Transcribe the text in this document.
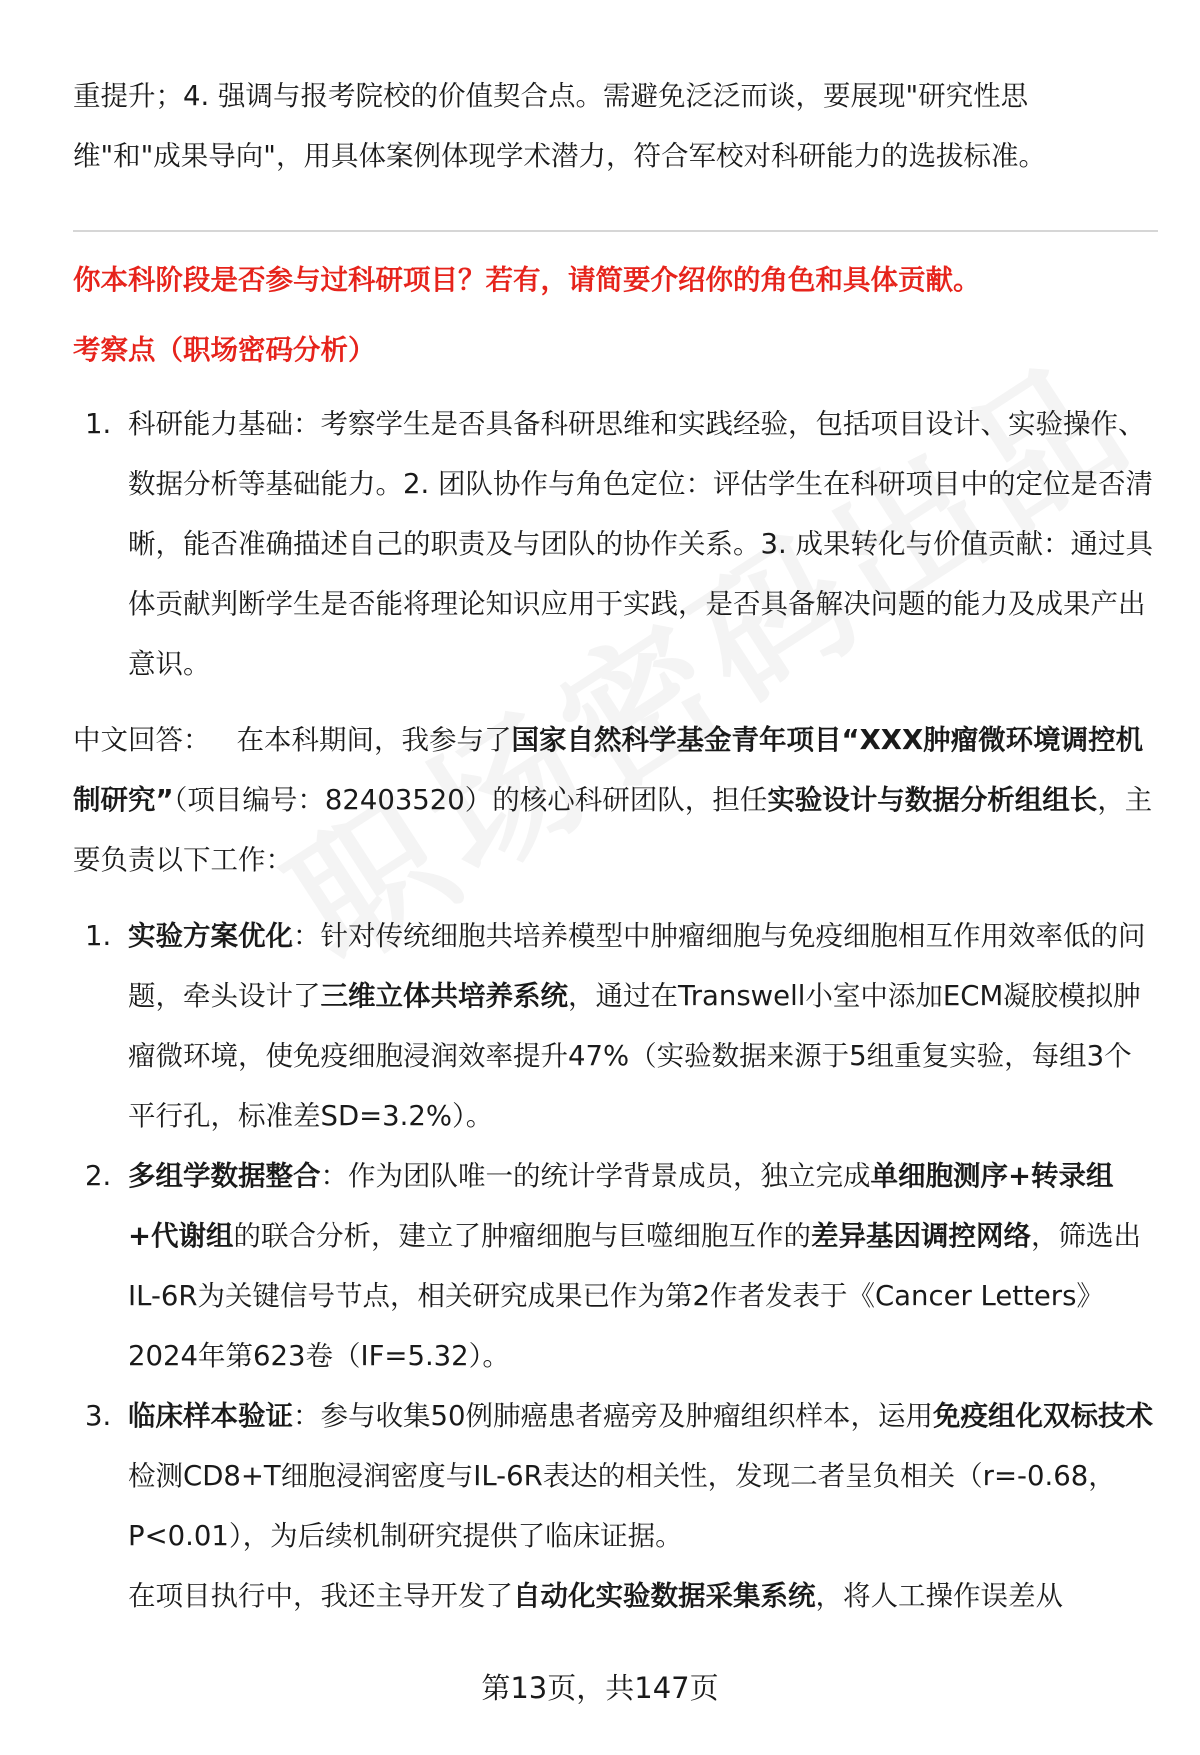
重提升；4. 强调与报考院校的价值契合点。需避免泛泛而谈，要展现"研究性思
维"和"成果导向"，用具体案例体现学术潜力，符合军校对科研能力的选拔标准。

你本科阶段是否参与过科研项目？若有，请简要介绍你的角色和具体贡献。

考察点（职场密码分析）

1. 科研能力基础：考察学生是否具备科研思维和实践经验，包括项目设计、实验操作、数据分析等基础能力。2. 团队协作与角色定位：评估学生在科研项目中的定位是否清晰，能否准确描述自己的职责及与团队的协作关系。3. 成果转化与价值贡献：通过具体贡献判断学生是否能将理论知识应用于实践，是否具备解决问题的能力及成果产出意识。

中文回答： 在本科期间，我参与了国家自然科学基金青年项目“XXX肿瘤微环境调控机制研究”（项目编号：82403520）的核心科研团队，担任实验设计与数据分析组组长，主要负责以下工作：

1. 实验方案优化：针对传统细胞共培养模型中肿瘤细胞与免疫细胞相互作用效率低的问题，牵头设计了三维立体共培养系统，通过在Transwell小室中添加ECM凝胶模拟肿瘤微环境，使免疫细胞浸润效率提升47%（实验数据来源于5组重复实验，每组3个平行孔，标准差SD=3.2%）。
2. 多组学数据整合：作为团队唯一的统计学背景成员，独立完成单细胞测序+转录组+代谢组的联合分析，建立了肿瘤细胞与巨噬细胞互作的差异基因调控网络，筛选出IL-6R为关键信号节点，相关研究成果已作为第2作者发表于《Cancer Letters》2024年第623卷（IF=5.32）。
3. 临床样本验证：参与收集50例肺癌患者癌旁及肿瘤组织样本，运用免疫组化双标技术检测CD8+T细胞浸润密度与IL-6R表达的相关性，发现二者呈负相关（r=-0.68，P<0.01），为后续机制研究提供了临床证据。

在项目执行中，我还主导开发了自动化实验数据采集系统，将人工操作误差从

第13页，共147页
